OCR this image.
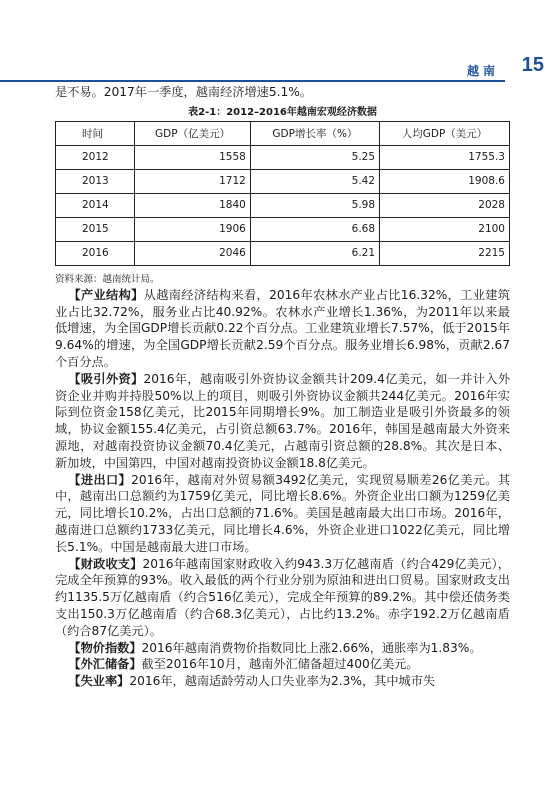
越南 15

是不易。2017年一季度，越南经济增速5.1%。

表2-1：2012–2016年越南宏观经济数据
时间	GDP（亿美元）	GDP增长率（%）	人均GDP（美元）
2012	1558	5.25	1755.3
2013	1712	5.42	1908.6
2014	1840	5.98	2028
2015	1906	6.68	2100
2016	2046	6.21	2215
资料来源：越南统计局。

【产业结构】从越南经济结构来看，2016年农林水产业占比16.32%，工业建筑业占比32.72%，服务业占比40.92%。农林水产业增长1.36%，为2011年以来最低增速，为全国GDP增长贡献0.22个百分点。工业建筑业增长7.57%，低于2015年9.64%的增速，为全国GDP增长贡献2.59个百分点。服务业增长6.98%，贡献2.67个百分点。

【吸引外资】2016年，越南吸引外资协议金额共计209.4亿美元，如一并计入外资企业并购并持股50%以上的项目，则吸引外资协议金额共244亿美元。2016年实际到位资金158亿美元，比2015年同期增长9%。加工制造业是吸引外资最多的领域，协议金额155.4亿美元，占引资总额63.7%。2016年，韩国是越南最大外资来源地，对越南投资协议金额70.4亿美元，占越南引资总额的28.8%。其次是日本、新加坡，中国第四，中国对越南投资协议金额18.8亿美元。

【进出口】2016年，越南对外贸易额3492亿美元，实现贸易顺差26亿美元。其中，越南出口总额约为1759亿美元，同比增长8.6%。外资企业出口额为1259亿美元，同比增长10.2%，占出口总额的71.6%。美国是越南最大出口市场。2016年，越南进口总额约1733亿美元，同比增长4.6%，外资企业进口1022亿美元，同比增长5.1%。中国是越南最大进口市场。

【财政收支】2016年越南国家财政收入约943.3万亿越南盾（约合429亿美元），完成全年预算的93%。收入最低的两个行业分别为原油和进出口贸易。国家财政支出约1135.5万亿越南盾（约合516亿美元），完成全年预算的89.2%。其中偿还债务类支出150.3万亿越南盾（约合68.3亿美元），占比约13.2%。赤字192.2万亿越南盾（约合87亿美元）。

【物价指数】2016年越南消费物价指数同比上涨2.66%，通胀率为1.83%。

【外汇储备】截至2016年10月，越南外汇储备超过400亿美元。

【失业率】2016年，越南适龄劳动人口失业率为2.3%，其中城市失
